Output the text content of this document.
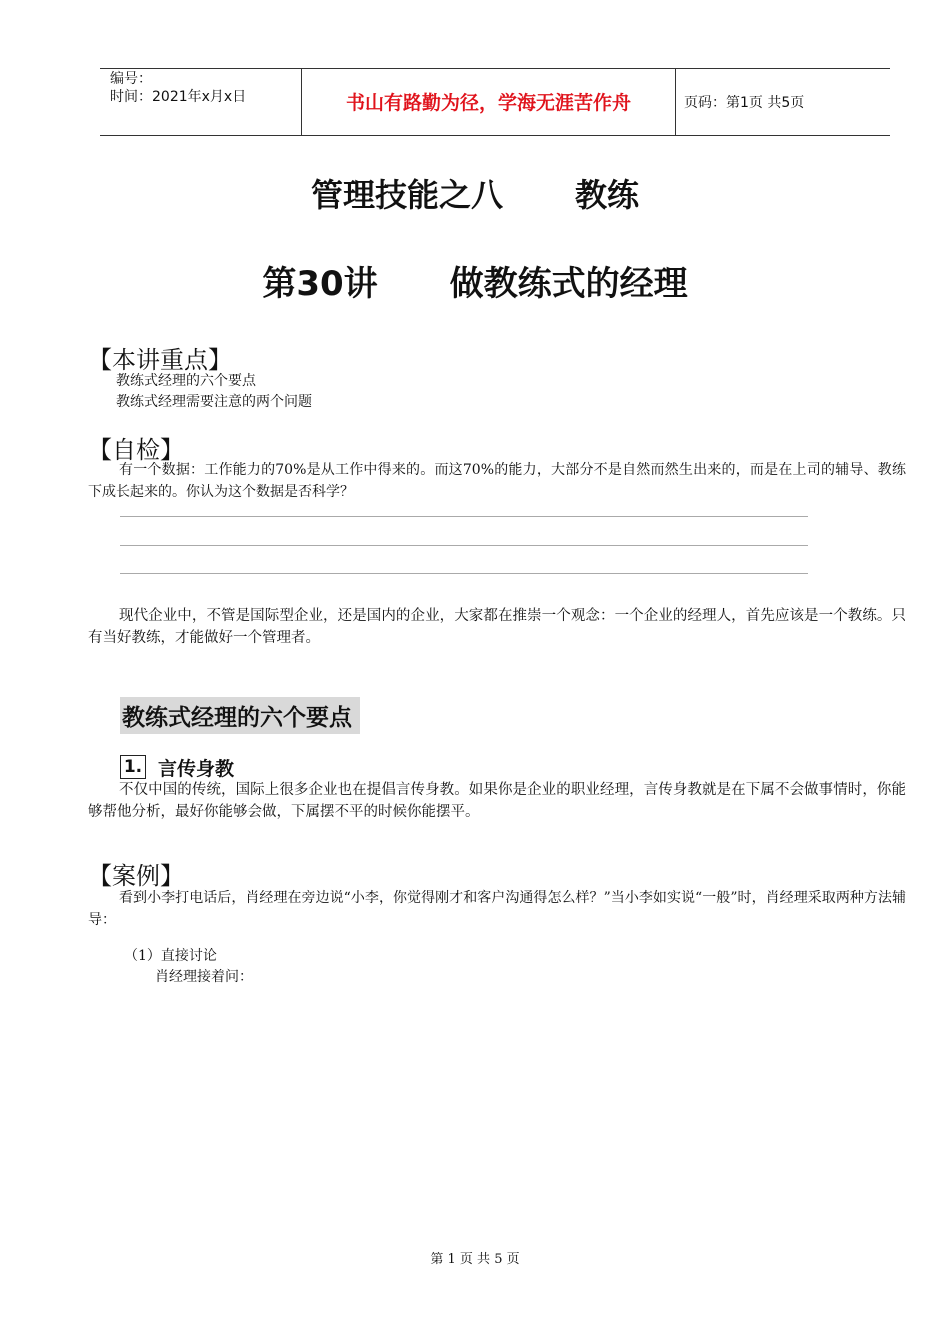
编号：
时间：2021年x月x日	书山有路勤为径，学海无涯苦作舟	页码：第1页 共5页
管理技能之八 教练
第30讲 做教练式的经理
【本讲重点】
教练式经理的六个要点
教练式经理需要注意的两个问题
【自检】
有一个数据：工作能力的70%是从工作中得来的。而这70%的能力，大部分不是自然而然生出来的，而是在上司的辅导、教练下成长起来的。你认为这个数据是否科学？
现代企业中，不管是国际型企业，还是国内的企业，大家都在推崇一个观念：一个企业的经理人，首先应该是一个教练。只有当好教练，才能做好一个管理者。
教练式经理的六个要点
1. 言传身教
不仅中国的传统，国际上很多企业也在提倡言传身教。如果你是企业的职业经理，言传身教就是在下属不会做事情时，你能够帮他分析，最好你能够会做，下属摆不平的时候你能摆平。
【案例】
看到小李打电话后，肖经理在旁边说“小李，你觉得刚才和客户沟通得怎么样？”当小李如实说“一般”时，肖经理采取两种方法辅导：
（1）直接讨论
肖经理接着问：
第 1 页 共 5 页
